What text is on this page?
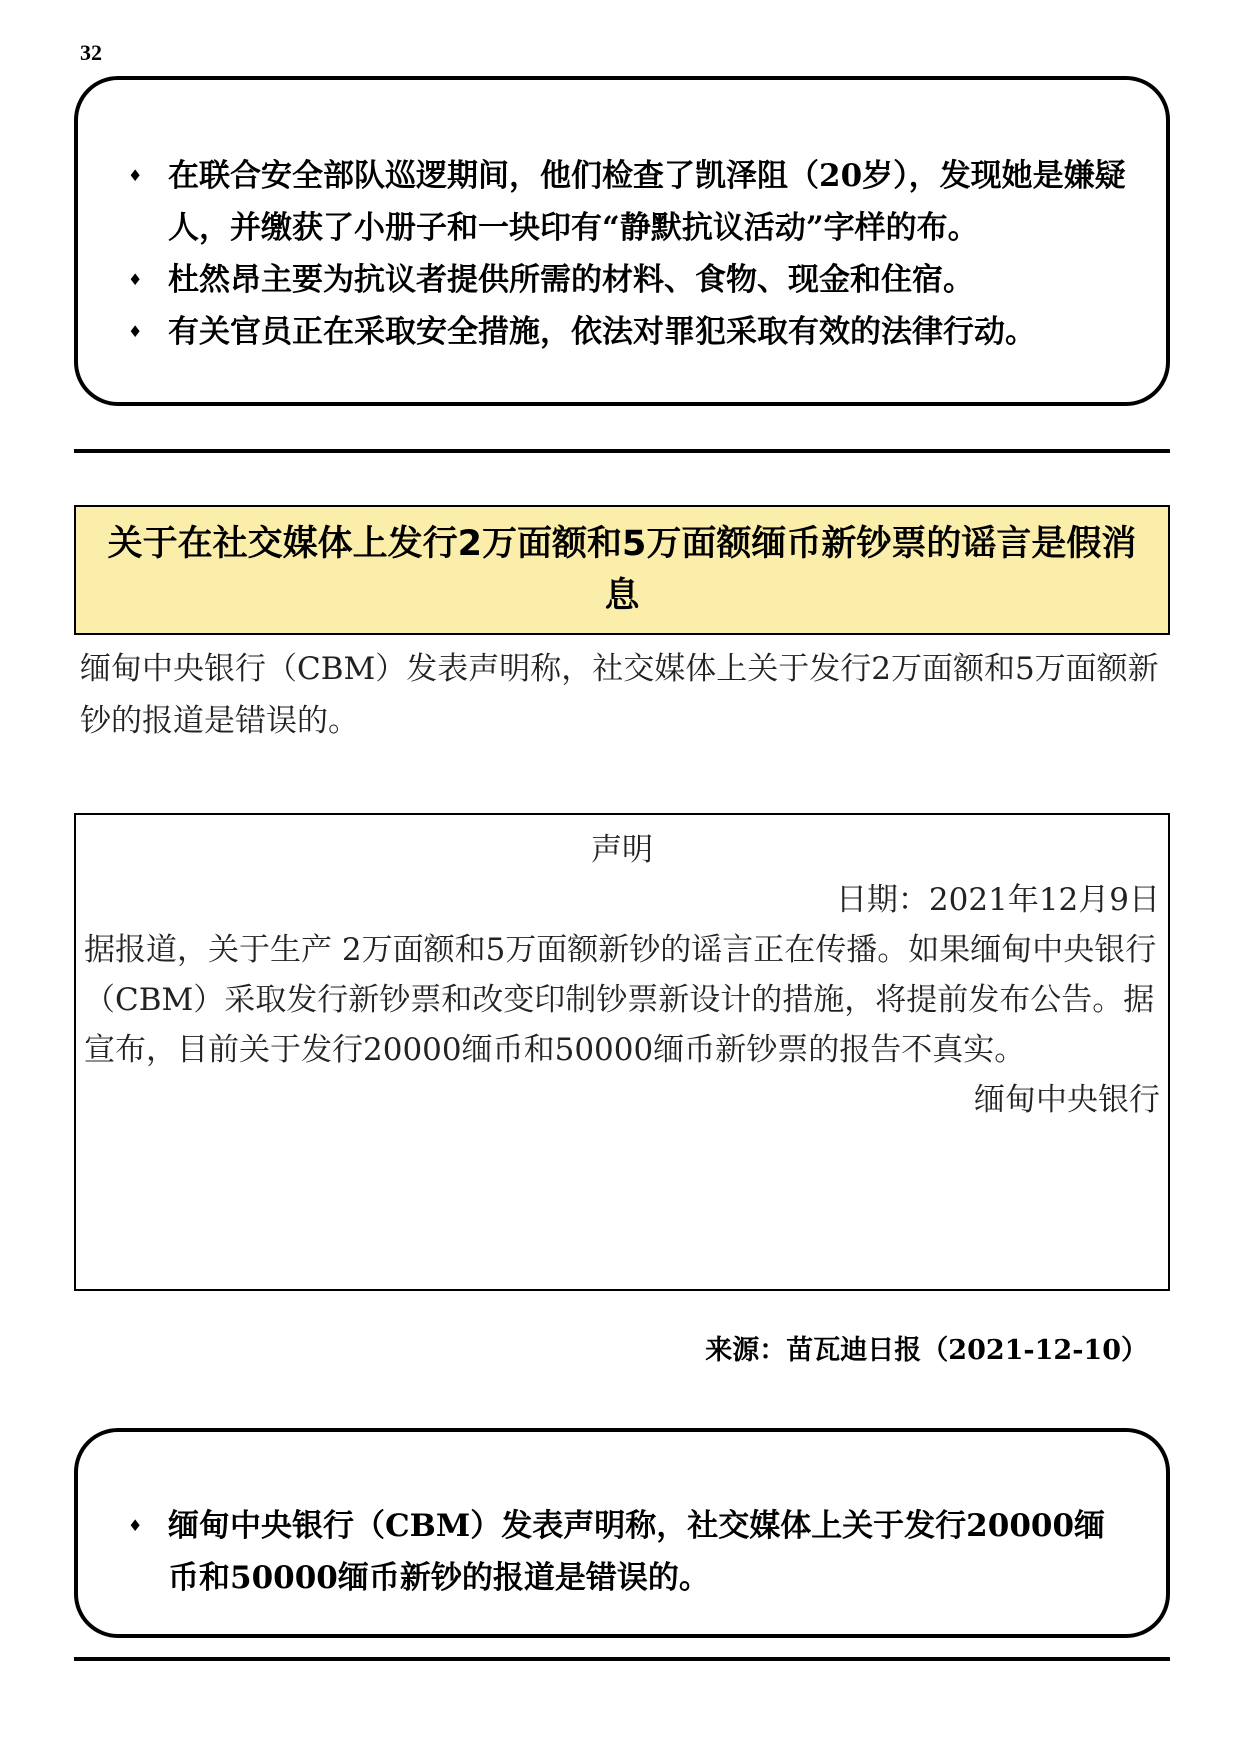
32
♦ 在联合安全部队巡逻期间，他们检查了凯泽阻（20岁），发现她是嫌疑人，并缴获了小册子和一块印有“静默抗议活动”字样的布。
♦ 杜然昂主要为抗议者提供所需的材料、食物、现金和住宿。
♦ 有关官员正在采取安全措施，依法对罪犯采取有效的法律行动。
关于在社交媒体上发行2万面额和5万面额缅币新钞票的谣言是假消息

缅甸中央银行（CBM）发表声明称，社交媒体上关于发行2万面额和5万面额新钞的报道是错误的。

声明

日期：2021年12月9日

据报道，关于生产 2万面额和5万面额新钞的谣言正在传播。如果缅甸中央银行（CBM）采取发行新钞票和改变印制钞票新设计的措施，将提前发布公告。据宣布，目前关于发行20000缅币和50000缅币新钞票的报告不真实。

缅甸中央银行

来源：苗瓦迪日报（2021-12-10）

♦ 缅甸中央银行（CBM）发表声明称，社交媒体上关于发行20000缅币和50000缅币新钞的报道是错误的。
